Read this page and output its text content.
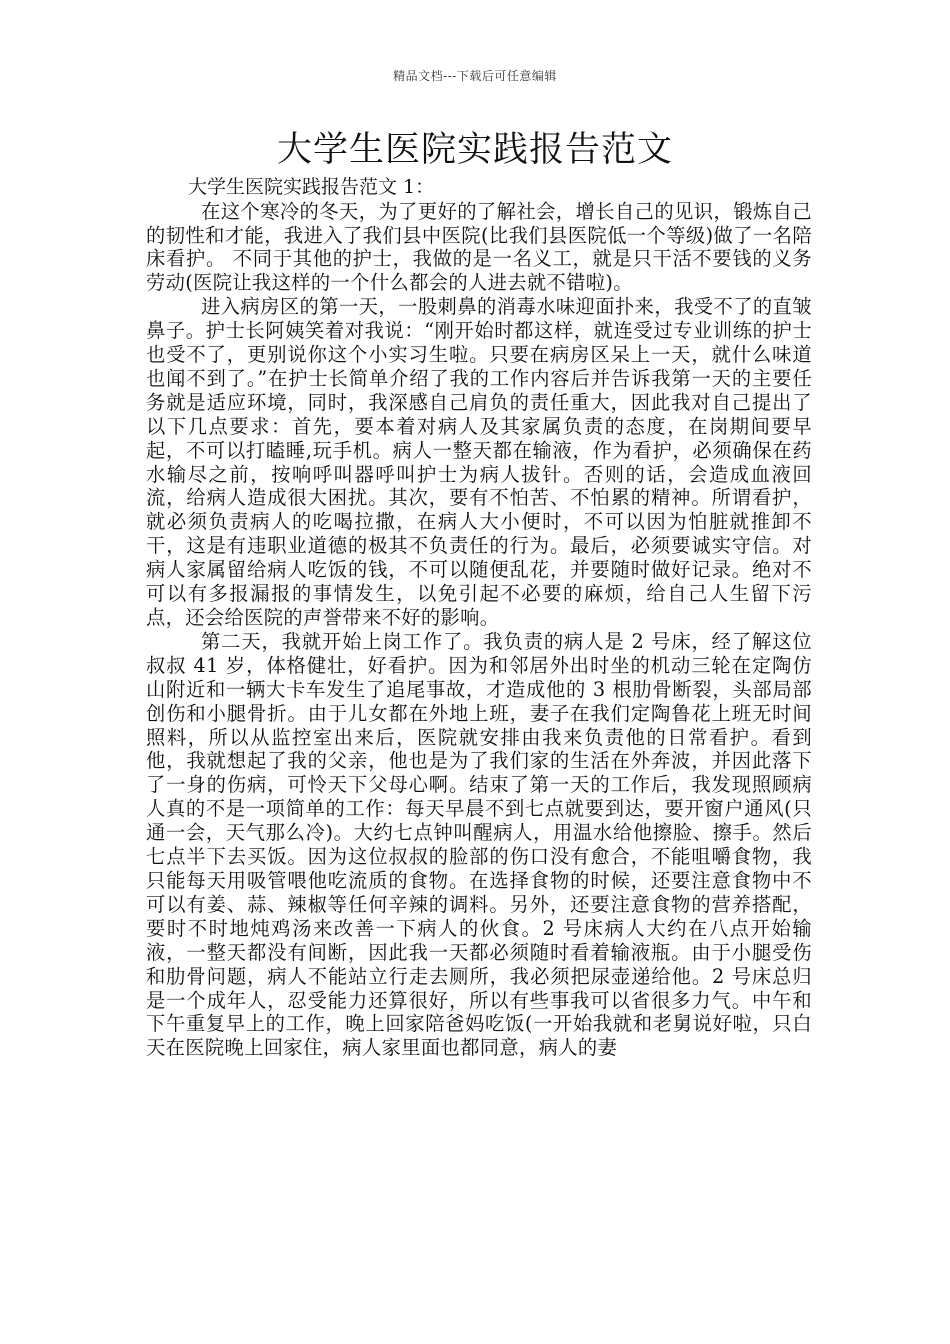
精品文档---下载后可任意编辑
大学生医院实践报告范文

大学生医院实践报告范文 1：

在这个寒冷的冬天，为了更好的了解社会，增长自己的见识，锻炼自己的韧性和才能，我进入了我们县中医院(比我们县医院低一个等级)做了一名陪床看护。 不同于其他的护士，我做的是一名义工，就是只干活不要钱的义务劳动(医院让我这样的一个什么都会的人进去就不错啦)。

进入病房区的第一天，一股刺鼻的消毒水味迎面扑来，我受不了的直皱鼻子。护士长阿姨笑着对我说：“刚开始时都这样，就连受过专业训练的护士也受不了，更别说你这个小实习生啦。只要在病房区呆上一天，就什么味道也闻不到了。”在护士长简单介绍了我的工作内容后并告诉我第一天的主要任务就是适应环境，同时，我深感自己肩负的责任重大，因此我对自己提出了以下几点要求：首先，要本着对病人及其家属负责的态度，在岗期间要早起，不可以打瞌睡,玩手机。病人一整天都在输液，作为看护，必须确保在药水输尽之前，按响呼叫器呼叫护士为病人拔针。否则的话，会造成血液回流，给病人造成很大困扰。其次，要有不怕苦、不怕累的精神。所谓看护，就必须负责病人的吃喝拉撒，在病人大小便时，不可以因为怕脏就推卸不干，这是有违职业道德的极其不负责任的行为。最后，必须要诚实守信。对病人家属留给病人吃饭的钱，不可以随便乱花，并要随时做好记录。绝对不可以有多报漏报的事情发生，以免引起不必要的麻烦，给自己人生留下污点，还会给医院的声誉带来不好的影响。

第二天，我就开始上岗工作了。我负责的病人是 2 号床，经了解这位叔叔 41 岁，体格健壮，好看护。因为和邻居外出时坐的机动三轮在定陶仿山附近和一辆大卡车发生了追尾事故，才造成他的 3 根肋骨断裂，头部局部创伤和小腿骨折。由于儿女都在外地上班，妻子在我们定陶鲁花上班无时间照料，所以从监控室出来后，医院就安排由我来负责他的日常看护。看到他，我就想起了我的父亲，他也是为了我们家的生活在外奔波，并因此落下了一身的伤病，可怜天下父母心啊。结束了第一天的工作后，我发现照顾病人真的不是一项简单的工作：每天早晨不到七点就要到达，要开窗户通风(只通一会，天气那么冷)。大约七点钟叫醒病人，用温水给他擦脸、擦手。然后七点半下去买饭。因为这位叔叔的脸部的伤口没有愈合，不能咀嚼食物，我只能每天用吸管喂他吃流质的食物。在选择食物的时候，还要注意食物中不可以有姜、蒜、辣椒等任何辛辣的调料。另外，还要注意食物的营养搭配，要时不时地炖鸡汤来改善一下病人的伙食。2 号床病人大约在八点开始输液，一整天都没有间断，因此我一天都必须随时看着输液瓶。由于小腿受伤和肋骨问题，病人不能站立行走去厕所，我必须把尿壶递给他。2 号床总归是一个成年人，忍受能力还算很好，所以有些事我可以省很多力气。中午和下午重复早上的工作，晚上回家陪爸妈吃饭(一开始我就和老舅说好啦，只白天在医院晚上回家住，病人家里面也都同意，病人的妻
